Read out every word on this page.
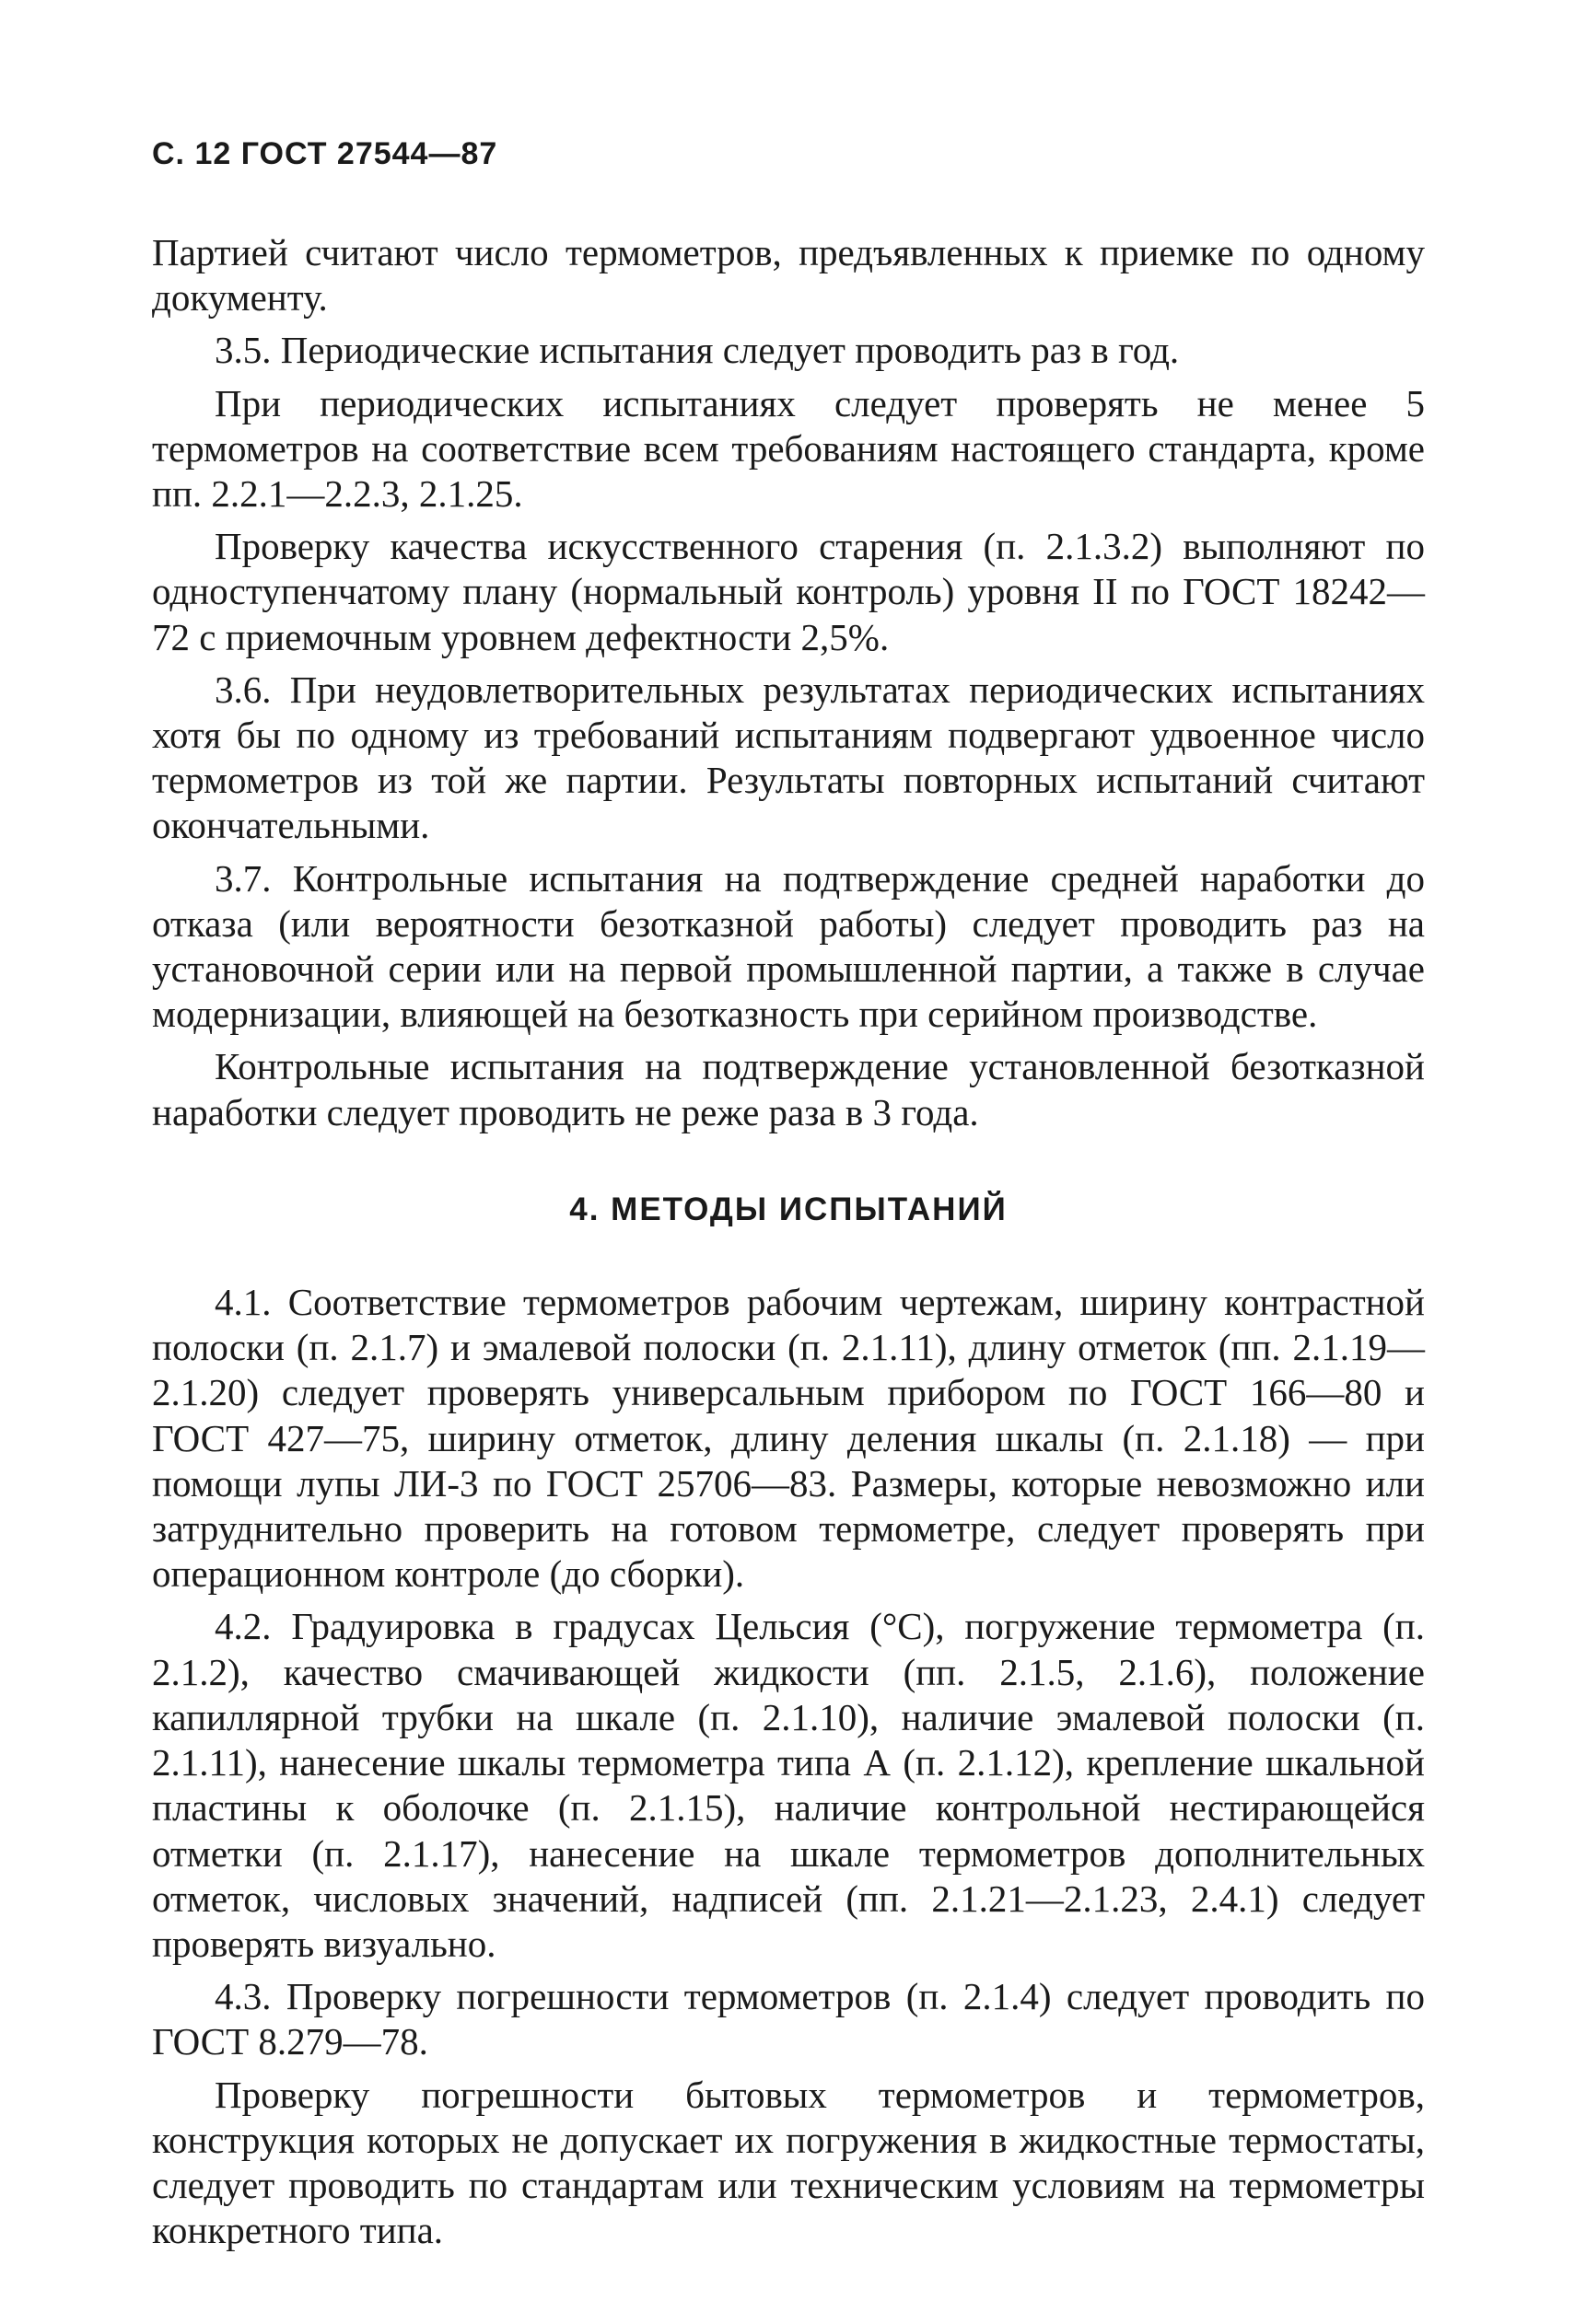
С. 12 ГОСТ 27544—87

Партией считают число термометров, предъявленных к приемке по одному документу.

3.5. Периодические испытания следует проводить раз в год.

При периодических испытаниях следует проверять не менее 5 термометров на соответствие всем требованиям настоящего стандарта, кроме пп. 2.2.1—2.2.3, 2.1.25.

Проверку качества искусственного старения (п. 2.1.3.2) выполняют по одноступенчатому плану (нормальный контроль) уровня II по ГОСТ 18242—72 с приемочным уровнем дефектности 2,5%.

3.6. При неудовлетворительных результатах периодических испытаниях хотя бы по одному из требований испытаниям подвергают удвоенное число термометров из той же партии. Результаты повторных испытаний считают окончательными.

3.7. Контрольные испытания на подтверждение средней наработки до отказа (или вероятности безотказной работы) следует проводить раз на установочной серии или на первой промышленной партии, а также в случае модернизации, влияющей на безотказность при серийном производстве.

Контрольные испытания на подтверждение установленной безотказной наработки следует проводить не реже раза в 3 года.

4. МЕТОДЫ ИСПЫТАНИЙ

4.1. Соответствие термометров рабочим чертежам, ширину контрастной полоски (п. 2.1.7) и эмалевой полоски (п. 2.1.11), длину отметок (пп. 2.1.19—2.1.20) следует проверять универсальным прибором по ГОСТ 166—80 и ГОСТ 427—75, ширину отметок, длину деления шкалы (п. 2.1.18) — при помощи лупы ЛИ-3 по ГОСТ 25706—83. Размеры, которые невозможно или затруднительно проверить на готовом термометре, следует проверять при операционном контроле (до сборки).

4.2. Градуировка в градусах Цельсия (°С), погружение термометра (п. 2.1.2), качество смачивающей жидкости (пп. 2.1.5, 2.1.6), положение капиллярной трубки на шкале (п. 2.1.10), наличие эмалевой полоски (п. 2.1.11), нанесение шкалы термометра типа А (п. 2.1.12), крепление шкальной пластины к оболочке (п. 2.1.15), наличие контрольной нестирающейся отметки (п. 2.1.17), нанесение на шкале термометров дополнительных отметок, числовых значений, надписей (пп. 2.1.21—2.1.23, 2.4.1) следует проверять визуально.

4.3. Проверку погрешности термометров (п. 2.1.4) следует проводить по ГОСТ 8.279—78.

Проверку погрешности бытовых термометров и термометров, конструкция которых не допускает их погружения в жидкостные термостаты, следует проводить по стандартам или техническим условиям на термометры конкретного типа.
